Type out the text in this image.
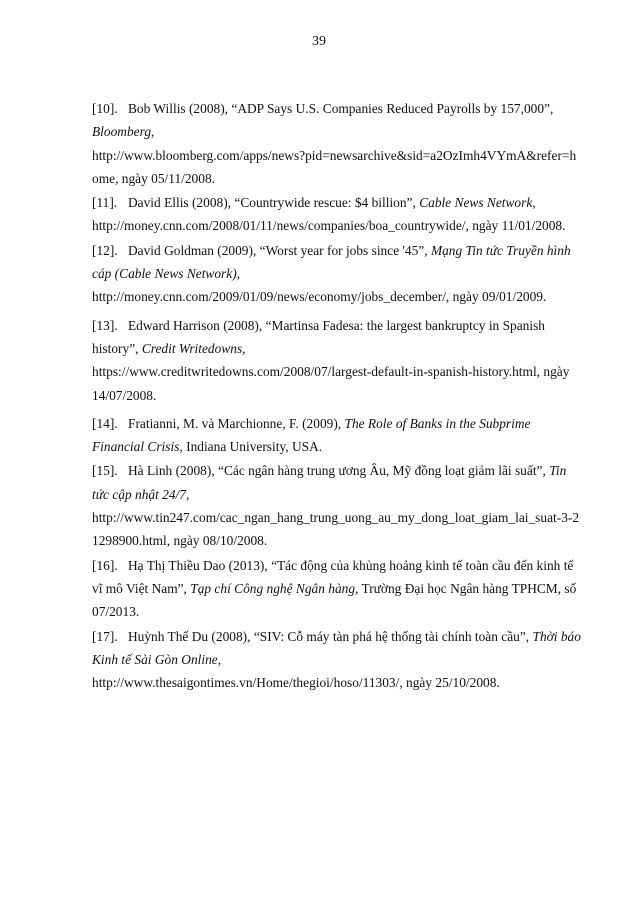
39
[10]. Bob Willis (2008), “ADP Says U.S. Companies Reduced Payrolls by 157,000”, Bloomberg,
http://www.bloomberg.com/apps/news?pid=newsarchive&sid=a2OzImh4VYmA&refer=home, ngày 05/11/2008.
[11]. David Ellis (2008), “Countrywide rescue: $4 billion”, Cable News Network,
http://money.cnn.com/2008/01/11/news/companies/boa_countrywide/, ngày 11/01/2008.
[12]. David Goldman (2009), “Worst year for jobs since '45”, Mạng Tin tức Truyền hình cáp (Cable News Network),
http://money.cnn.com/2009/01/09/news/economy/jobs_december/, ngày 09/01/2009.
[13]. Edward Harrison (2008), “Martinsa Fadesa: the largest bankruptcy in Spanish history”, Credit Writedowns,
https://www.creditwritedowns.com/2008/07/largest-default-in-spanish-history.html, ngày 14/07/2008.
[14]. Fratianni, M. và Marchionne, F. (2009), The Role of Banks in the Subprime Financial Crisis, Indiana University, USA.
[15]. Hà Linh (2008), “Các ngân hàng trung ương Âu, Mỹ đồng loạt giảm lãi suất”, Tin tức cập nhật 24/7,
http://www.tin247.com/cac_ngan_hang_trung_uong_au_my_dong_loat_giam_lai_suat-3-21298900.html, ngày 08/10/2008.
[16]. Hạ Thị Thiều Dao (2013), “Tác động của khủng hoảng kinh tế toàn cầu đến kinh tế vĩ mô Việt Nam”, Tạp chí Công nghệ Ngân hàng, Trường Đại học Ngân hàng TPHCM, số 07/2013.
[17]. Huỳnh Thế Du (2008), “SIV: Cỗ máy tàn phá hệ thống tài chính toàn cầu”, Thời báo Kinh tế Sài Gòn Online,
http://www.thesaigontimes.vn/Home/thegioi/hoso/11303/, ngày 25/10/2008.
